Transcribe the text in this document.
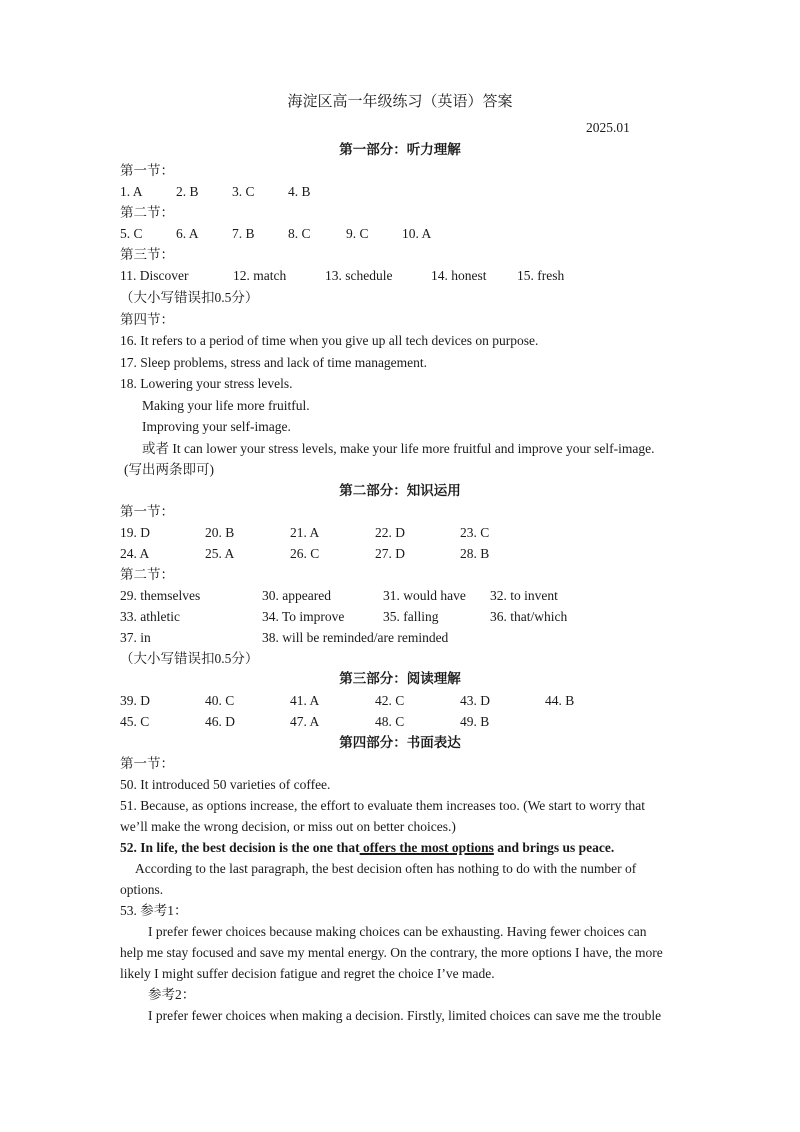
海淀区高一年级练习（英语）答案
2025.01
第一部分：听力理解
第一节：
1. A 2. B 3. C 4. B
第二节：
5. C 6. A 7. B 8. C	9. C 10. A
第三节：
11. Discover	12. match	13. schedule	14. honest 15. fresh
（大小写错误扣0.5分）
第四节：
16. It refers to a period of time when you give up all tech devices on purpose.
17. Sleep problems, stress and lack of time management.
18. Lowering your stress levels.
Making your life more fruitful.
Improving your self-image.
或者 It can lower your stress levels, make your life more fruitful and improve your self-image.
(写出两条即可)
第二部分：知识运用
第一节：
19. D	20. B	21. A	22. D	23. C
24. A	25. A	26. C	27. D	28. B
第二节：
29. themselves	30. appeared	31. would have 32. to invent
33. athletic	34. To improve	35. falling	36. that/which
37. in	38. will be reminded/are reminded
（大小写错误扣0.5分）
第三部分：阅读理解
39. D	40. C	41. A	42. C	43. D	44. B
45. C	46. D	47. A	48. C	49. B
第四部分：书面表达
第一节：
50. It introduced 50 varieties of coffee.
51. Because, as options increase, the effort to evaluate them increases too. (We start to worry that
we’ll make the wrong decision, or miss out on better choices.)
52. In life, the best decision is the one that offers the most options and brings us peace.
According to the last paragraph, the best decision often has nothing to do with the number of
options.
53. 参考1：
I prefer fewer choices because making choices can be exhausting. Having fewer choices can
help me stay focused and save my mental energy. On the contrary, the more options I have, the more
likely I might suffer decision fatigue and regret the choice I’ve made.
参考2：
I prefer fewer choices when making a decision. Firstly, limited choices can save me the trouble
